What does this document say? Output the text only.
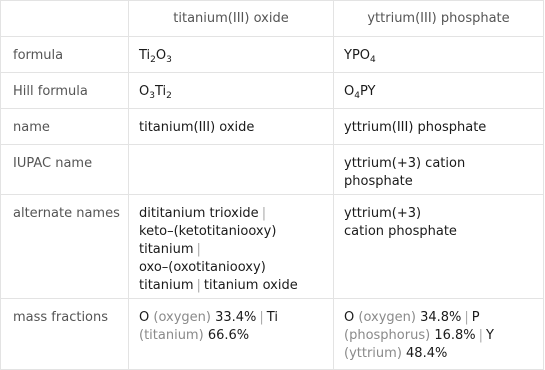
	titanium(III) oxide	yttrium(III) phosphate
formula	$Ti_2O_3$	$YPO_4$
Hill formula	$O_3Ti_2$	$O_4PY$
name	titanium(III) oxide	yttrium(III) phosphate
IUPAC name		yttrium(+3) cation
phosphate
alternate names	dititanium trioxide |
keto–(ketotitaniooxy)
titanium |
oxo–(oxotitaniooxy)
titanium | titanium oxide	yttrium(+3)
cation phosphate
mass fractions	O (oxygen) 33.4% | Ti
(titanium) 66.6%	O (oxygen) 34.8% | P
(phosphorus) 16.8% | Y
(yttrium) 48.4%
